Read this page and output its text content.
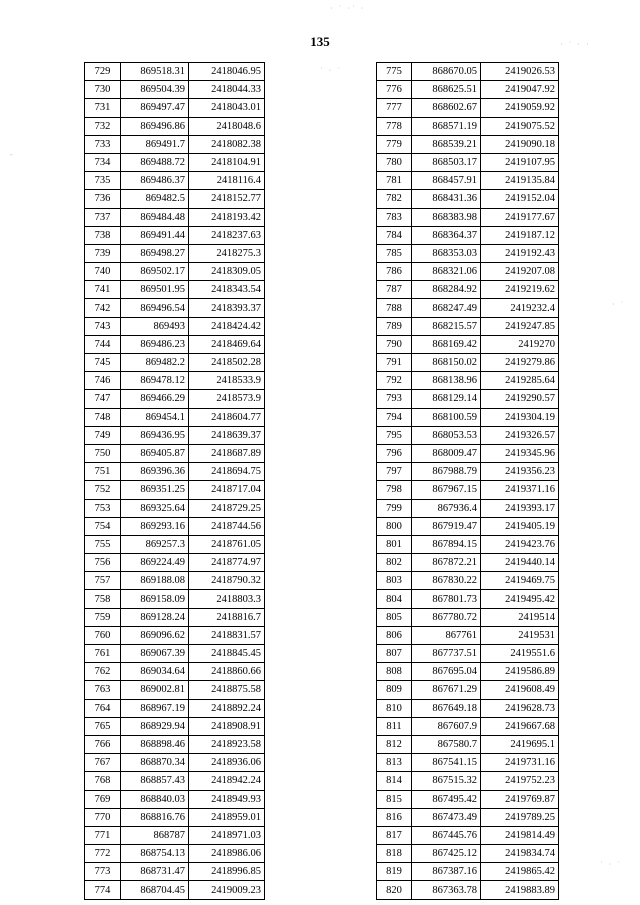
135
· ˙ ·˙ ·
˙ · ˙
· ˙ · ·
-
· ˙
˙ · ˙
729	869518.31	2418046.95
730	869504.39	2418044.33
731	869497.47	2418043.01
732	869496.86	2418048.6
733	869491.7	2418082.38
734	869488.72	2418104.91
735	869486.37	2418116.4
736	869482.5	2418152.77
737	869484.48	2418193.42
738	869491.44	2418237.63
739	869498.27	2418275.3
740	869502.17	2418309.05
741	869501.95	2418343.54
742	869496.54	2418393.37
743	869493	2418424.42
744	869486.23	2418469.64
745	869482.2	2418502.28
746	869478.12	2418533.9
747	869466.29	2418573.9
748	869454.1	2418604.77
749	869436.95	2418639.37
750	869405.87	2418687.89
751	869396.36	2418694.75
752	869351.25	2418717.04
753	869325.64	2418729.25
754	869293.16	2418744.56
755	869257.3	2418761.05
756	869224.49	2418774.97
757	869188.08	2418790.32
758	869158.09	2418803.3
759	869128.24	2418816.7
760	869096.62	2418831.57
761	869067.39	2418845.45
762	869034.64	2418860.66
763	869002.81	2418875.58
764	868967.19	2418892.24
765	868929.94	2418908.91
766	868898.46	2418923.58
767	868870.34	2418936.06
768	868857.43	2418942.24
769	868840.03	2418949.93
770	868816.76	2418959.01
771	868787	2418971.03
772	868754.13	2418986.06
773	868731.47	2418996.85
774	868704.45	2419009.23
775	868670.05	2419026.53
776	868625.51	2419047.92
777	868602.67	2419059.92
778	868571.19	2419075.52
779	868539.21	2419090.18
780	868503.17	2419107.95
781	868457.91	2419135.84
782	868431.36	2419152.04
783	868383.98	2419177.67
784	868364.37	2419187.12
785	868353.03	2419192.43
786	868321.06	2419207.08
787	868284.92	2419219.62
788	868247.49	2419232.4
789	868215.57	2419247.85
790	868169.42	2419270
791	868150.02	2419279.86
792	868138.96	2419285.64
793	868129.14	2419290.57
794	868100.59	2419304.19
795	868053.53	2419326.57
796	868009.47	2419345.96
797	867988.79	2419356.23
798	867967.15	2419371.16
799	867936.4	2419393.17
800	867919.47	2419405.19
801	867894.15	2419423.76
802	867872.21	2419440.14
803	867830.22	2419469.75
804	867801.73	2419495.42
805	867780.72	2419514
806	867761	2419531
807	867737.51	2419551.6
808	867695.04	2419586.89
809	867671.29	2419608.49
810	867649.18	2419628.73
811	867607.9	2419667.68
812	867580.7	2419695.1
813	867541.15	2419731.16
814	867515.32	2419752.23
815	867495.42	2419769.87
816	867473.49	2419789.25
817	867445.76	2419814.49
818	867425.12	2419834.74
819	867387.16	2419865.42
820	867363.78	2419883.89
